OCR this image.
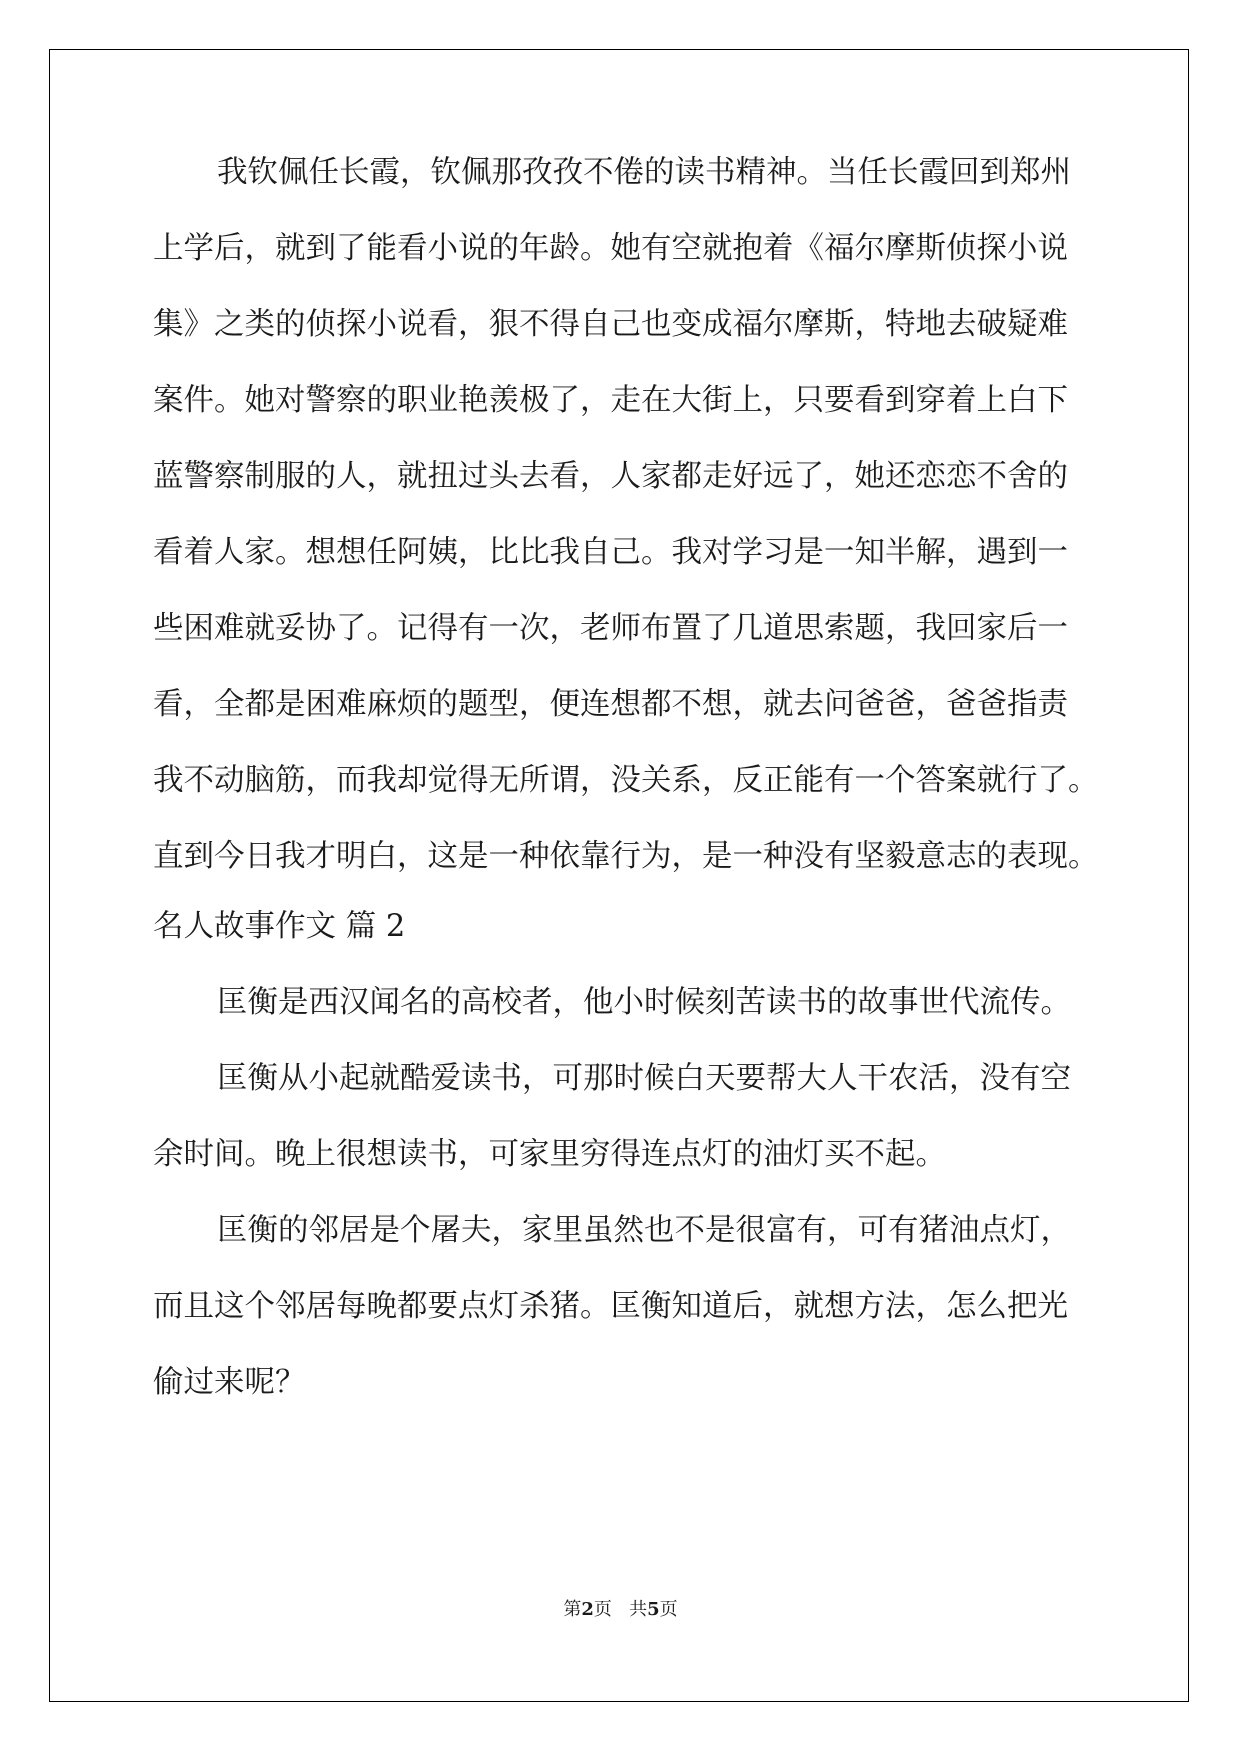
我钦佩任长霞，钦佩那孜孜不倦的读书精神。当任长霞回到郑州
上学后，就到了能看小说的年龄。她有空就抱着《福尔摩斯侦探小说
集》之类的侦探小说看，狠不得自己也变成福尔摩斯，特地去破疑难
案件。她对警察的职业艳羡极了，走在大街上，只要看到穿着上白下
蓝警察制服的人，就扭过头去看，人家都走好远了，她还恋恋不舍的
看着人家。想想任阿姨，比比我自己。我对学习是一知半解，遇到一
些困难就妥协了。记得有一次，老师布置了几道思索题，我回家后一
看，全都是困难麻烦的题型，便连想都不想，就去问爸爸，爸爸指责
我不动脑筋，而我却觉得无所谓，没关系，反正能有一个答案就行了。
直到今日我才明白，这是一种依靠行为，是一种没有坚毅意志的表现。
名人故事作文 篇 2
匡衡是西汉闻名的高校者，他小时候刻苦读书的故事世代流传。
匡衡从小起就酷爱读书，可那时候白天要帮大人干农活，没有空
余时间。晚上很想读书，可家里穷得连点灯的油灯买不起。
匡衡的邻居是个屠夫，家里虽然也不是很富有，可有猪油点灯，
而且这个邻居每晚都要点灯杀猪。匡衡知道后，就想方法，怎么把光
偷过来呢？
第2页   共5页
